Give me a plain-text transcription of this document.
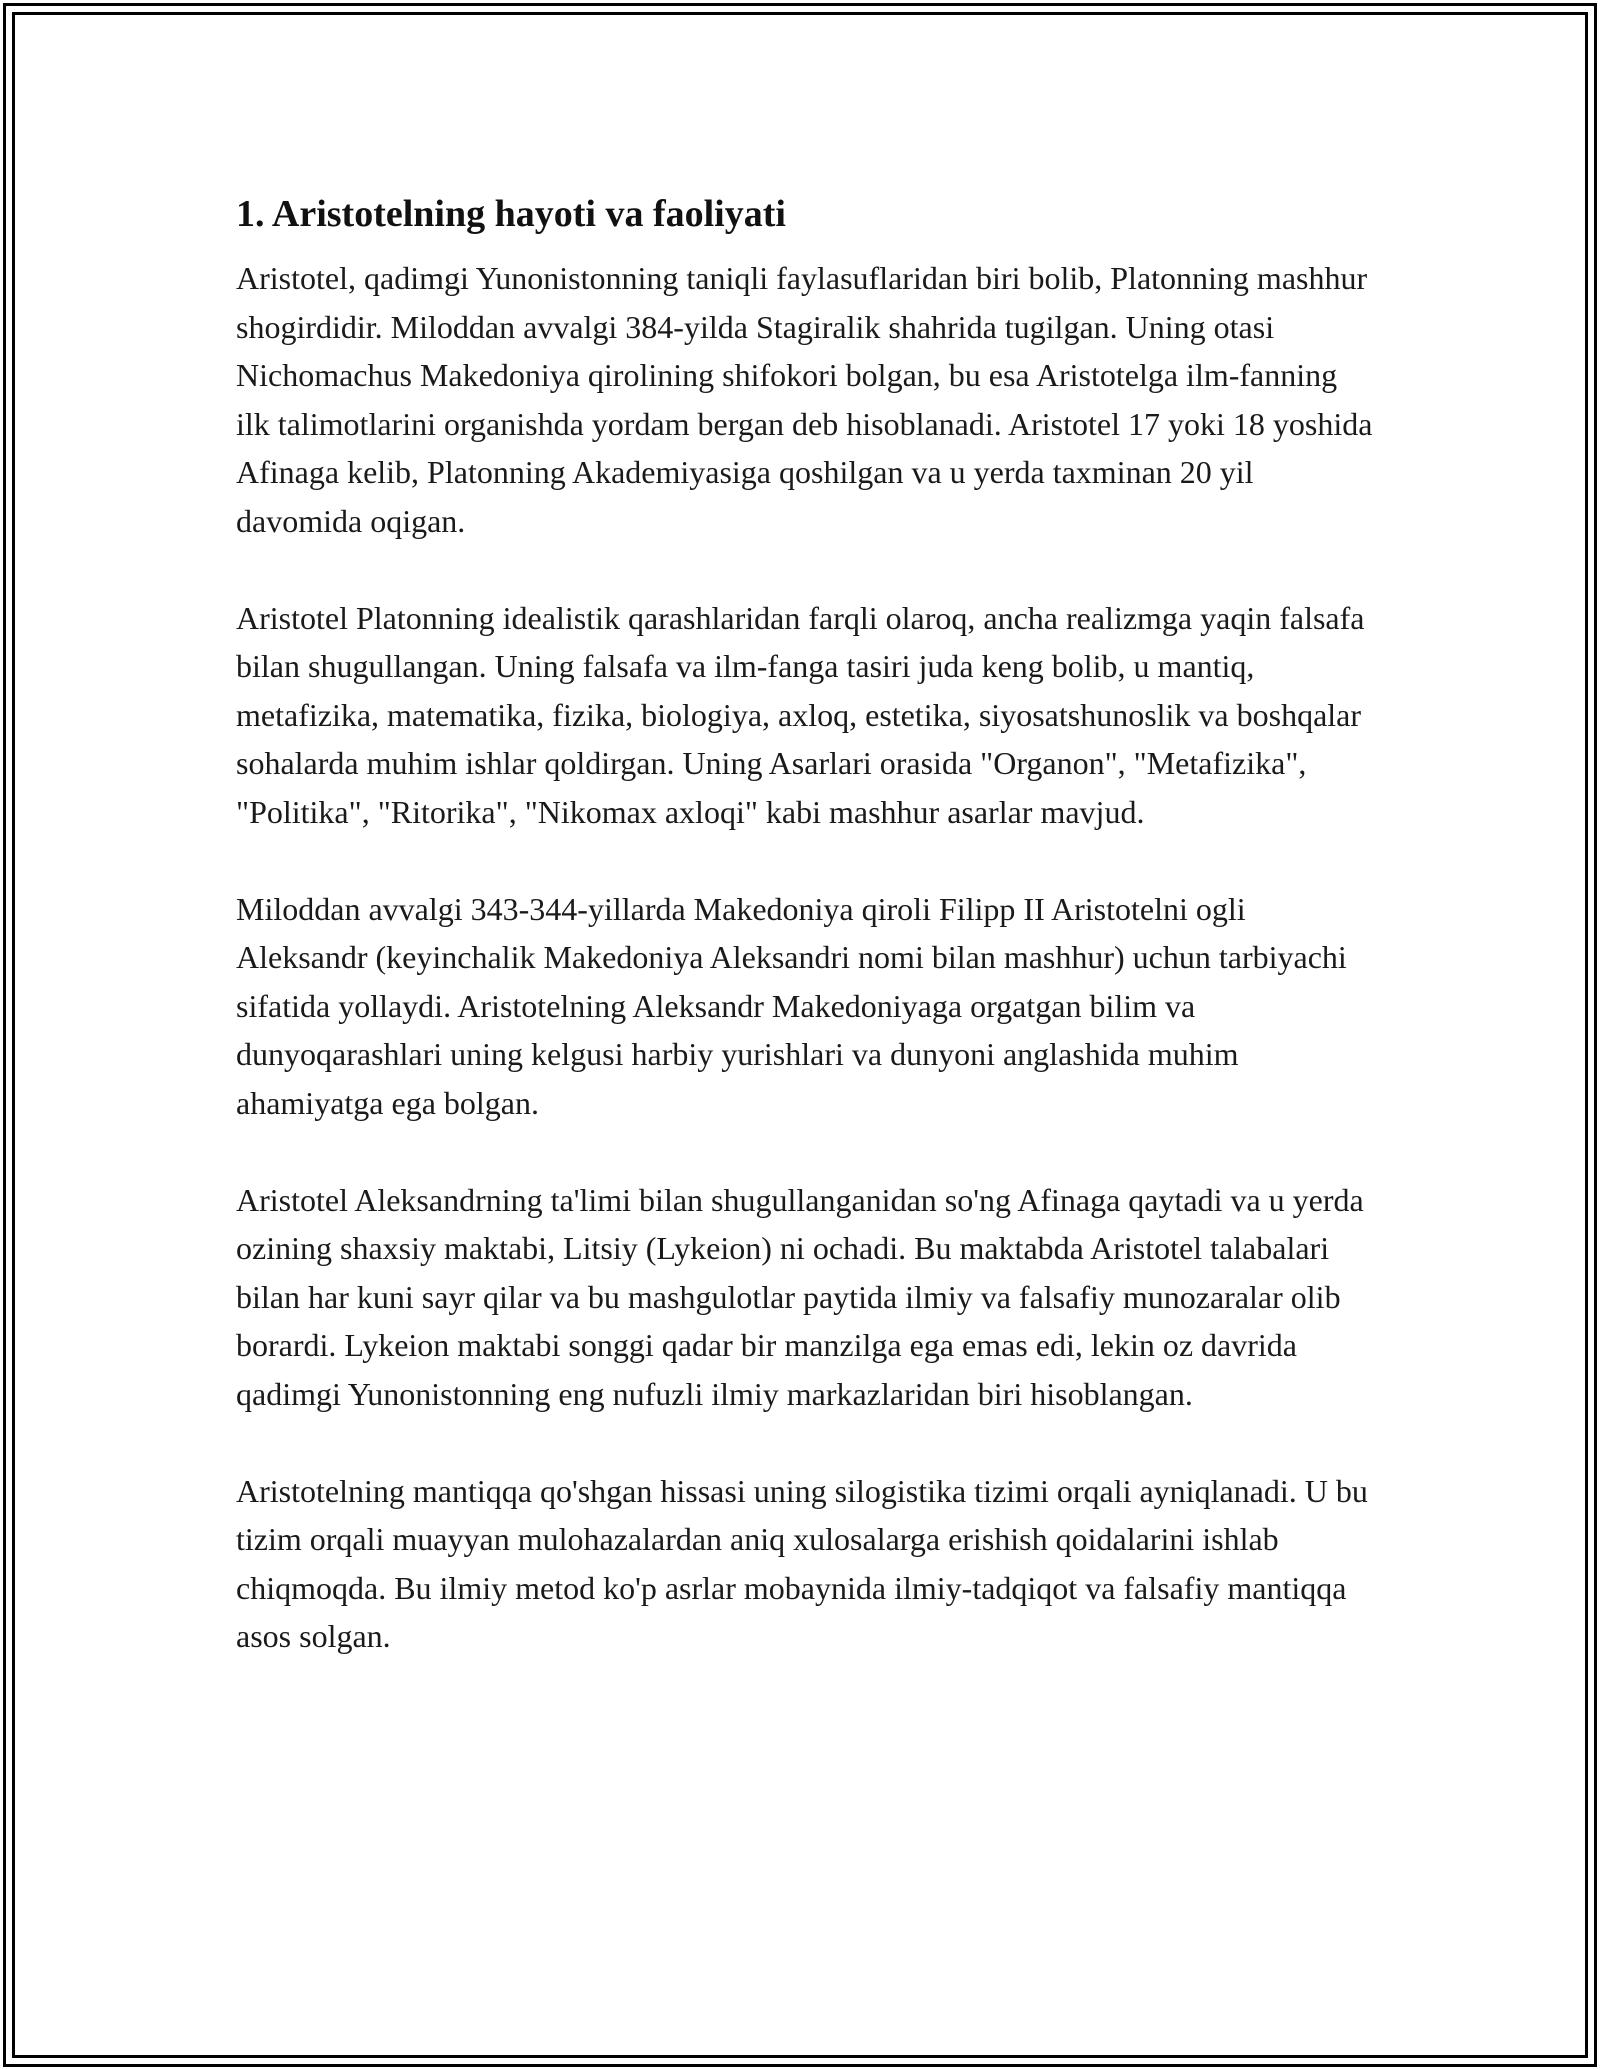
1. Aristotelning hayoti va faoliyati

Aristotel, qadimgi Yunonistonning taniqli faylasuflaridan biri bolib, Platonning mashhur shogirdidir. Miloddan avvalgi 384-yilda Stagiralik shahrida tugilgan. Uning otasi Nichomachus Makedoniya qirolining shifokori bolgan, bu esa Aristotelga ilm-fanning ilk talimotlarini organishda yordam bergan deb hisoblanadi. Aristotel 17 yoki 18 yoshida Afinaga kelib, Platonning Akademiyasiga qoshilgan va u yerda taxminan 20 yil davomida oqigan.

Aristotel Platonning idealistik qarashlaridan farqli olaroq, ancha realizmga yaqin falsafa bilan shugullangan. Uning falsafa va ilm-fanga tasiri juda keng bolib, u mantiq, metafizika, matematika, fizika, biologiya, axloq, estetika, siyosatshunoslik va boshqalar sohalarda muhim ishlar qoldirgan. Uning Asarlari orasida "Organon", "Metafizika", "Politika", "Ritorika", "Nikomax axloqi" kabi mashhur asarlar mavjud.

Miloddan avvalgi 343-344-yillarda Makedoniya qiroli Filipp II Aristotelni ogli Aleksandr (keyinchalik Makedoniya Aleksandri nomi bilan mashhur) uchun tarbiyachi sifatida yollaydi. Aristotelning Aleksandr Makedoniyaga orgatgan bilim va dunyoqarashlari uning kelgusi harbiy yurishlari va dunyoni anglashida muhim ahamiyatga ega bolgan.

Aristotel Aleksandrning ta'limi bilan shugullanganidan so'ng Afinaga qaytadi va u yerda ozining shaxsiy maktabi, Litsiy (Lykeion) ni ochadi. Bu maktabda Aristotel talabalari bilan har kuni sayr qilar va bu mashgulotlar paytida ilmiy va falsafiy munozaralar olib borardi. Lykeion maktabi songgi qadar bir manzilga ega emas edi, lekin oz davrida qadimgi Yunonistonning eng nufuzli ilmiy markazlaridan biri hisoblangan.

Aristotelning mantiqqa qo'shgan hissasi uning silogistika tizimi orqali ayniqlanadi. U bu tizim orqali muayyan mulohazalardan aniq xulosalarga erishish qoidalarini ishlab chiqmoqda. Bu ilmiy metod ko'p asrlar mobaynida ilmiy-tadqiqot va falsafiy mantiqqa asos solgan.
